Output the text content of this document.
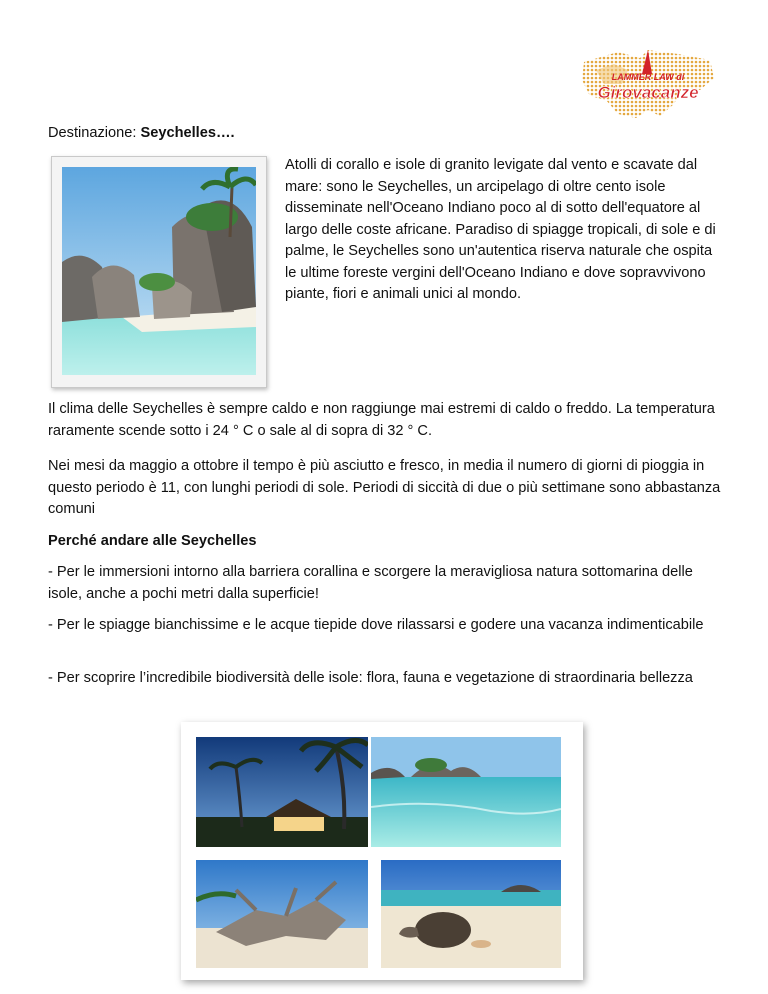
LAMMER LAW di
Girovacanze

Destinazione: Seychelles….

Atolli di corallo e isole di granito levigate dal vento e scavate dal mare: sono le Seychelles, un arcipelago di oltre cento isole disseminate nell'Oceano Indiano poco al di sotto dell'equatore al largo delle coste africane. Paradiso di spiagge tropicali, di sole e di palme, le Seychelles sono un'autentica riserva naturale che ospita le ultime foreste vergini dell'Oceano Indiano e dove sopravvivono piante, fiori e animali unici al mondo.

Il clima delle Seychelles è sempre caldo e non raggiunge mai estremi di caldo o freddo. La temperatura raramente scende sotto i 24 ° C o sale al di sopra di 32 ° C.

Nei mesi da maggio a ottobre il tempo è più asciutto e fresco, in media il numero di giorni di pioggia in questo periodo è 11, con lunghi periodi di sole. Periodi di siccità di due o più settimane sono abbastanza comuni

Perché andare alle Seychelles

- Per le immersioni intorno alla barriera corallina e scorgere la meravigliosa natura sottomarina delle isole, anche a pochi metri dalla superficie!

- Per le spiagge bianchissime e le acque tiepide dove rilassarsi e godere una vacanza indimenticabile

- Per scoprire l’incredibile biodiversità delle isole: flora, fauna e vegetazione di straordinaria bellezza
